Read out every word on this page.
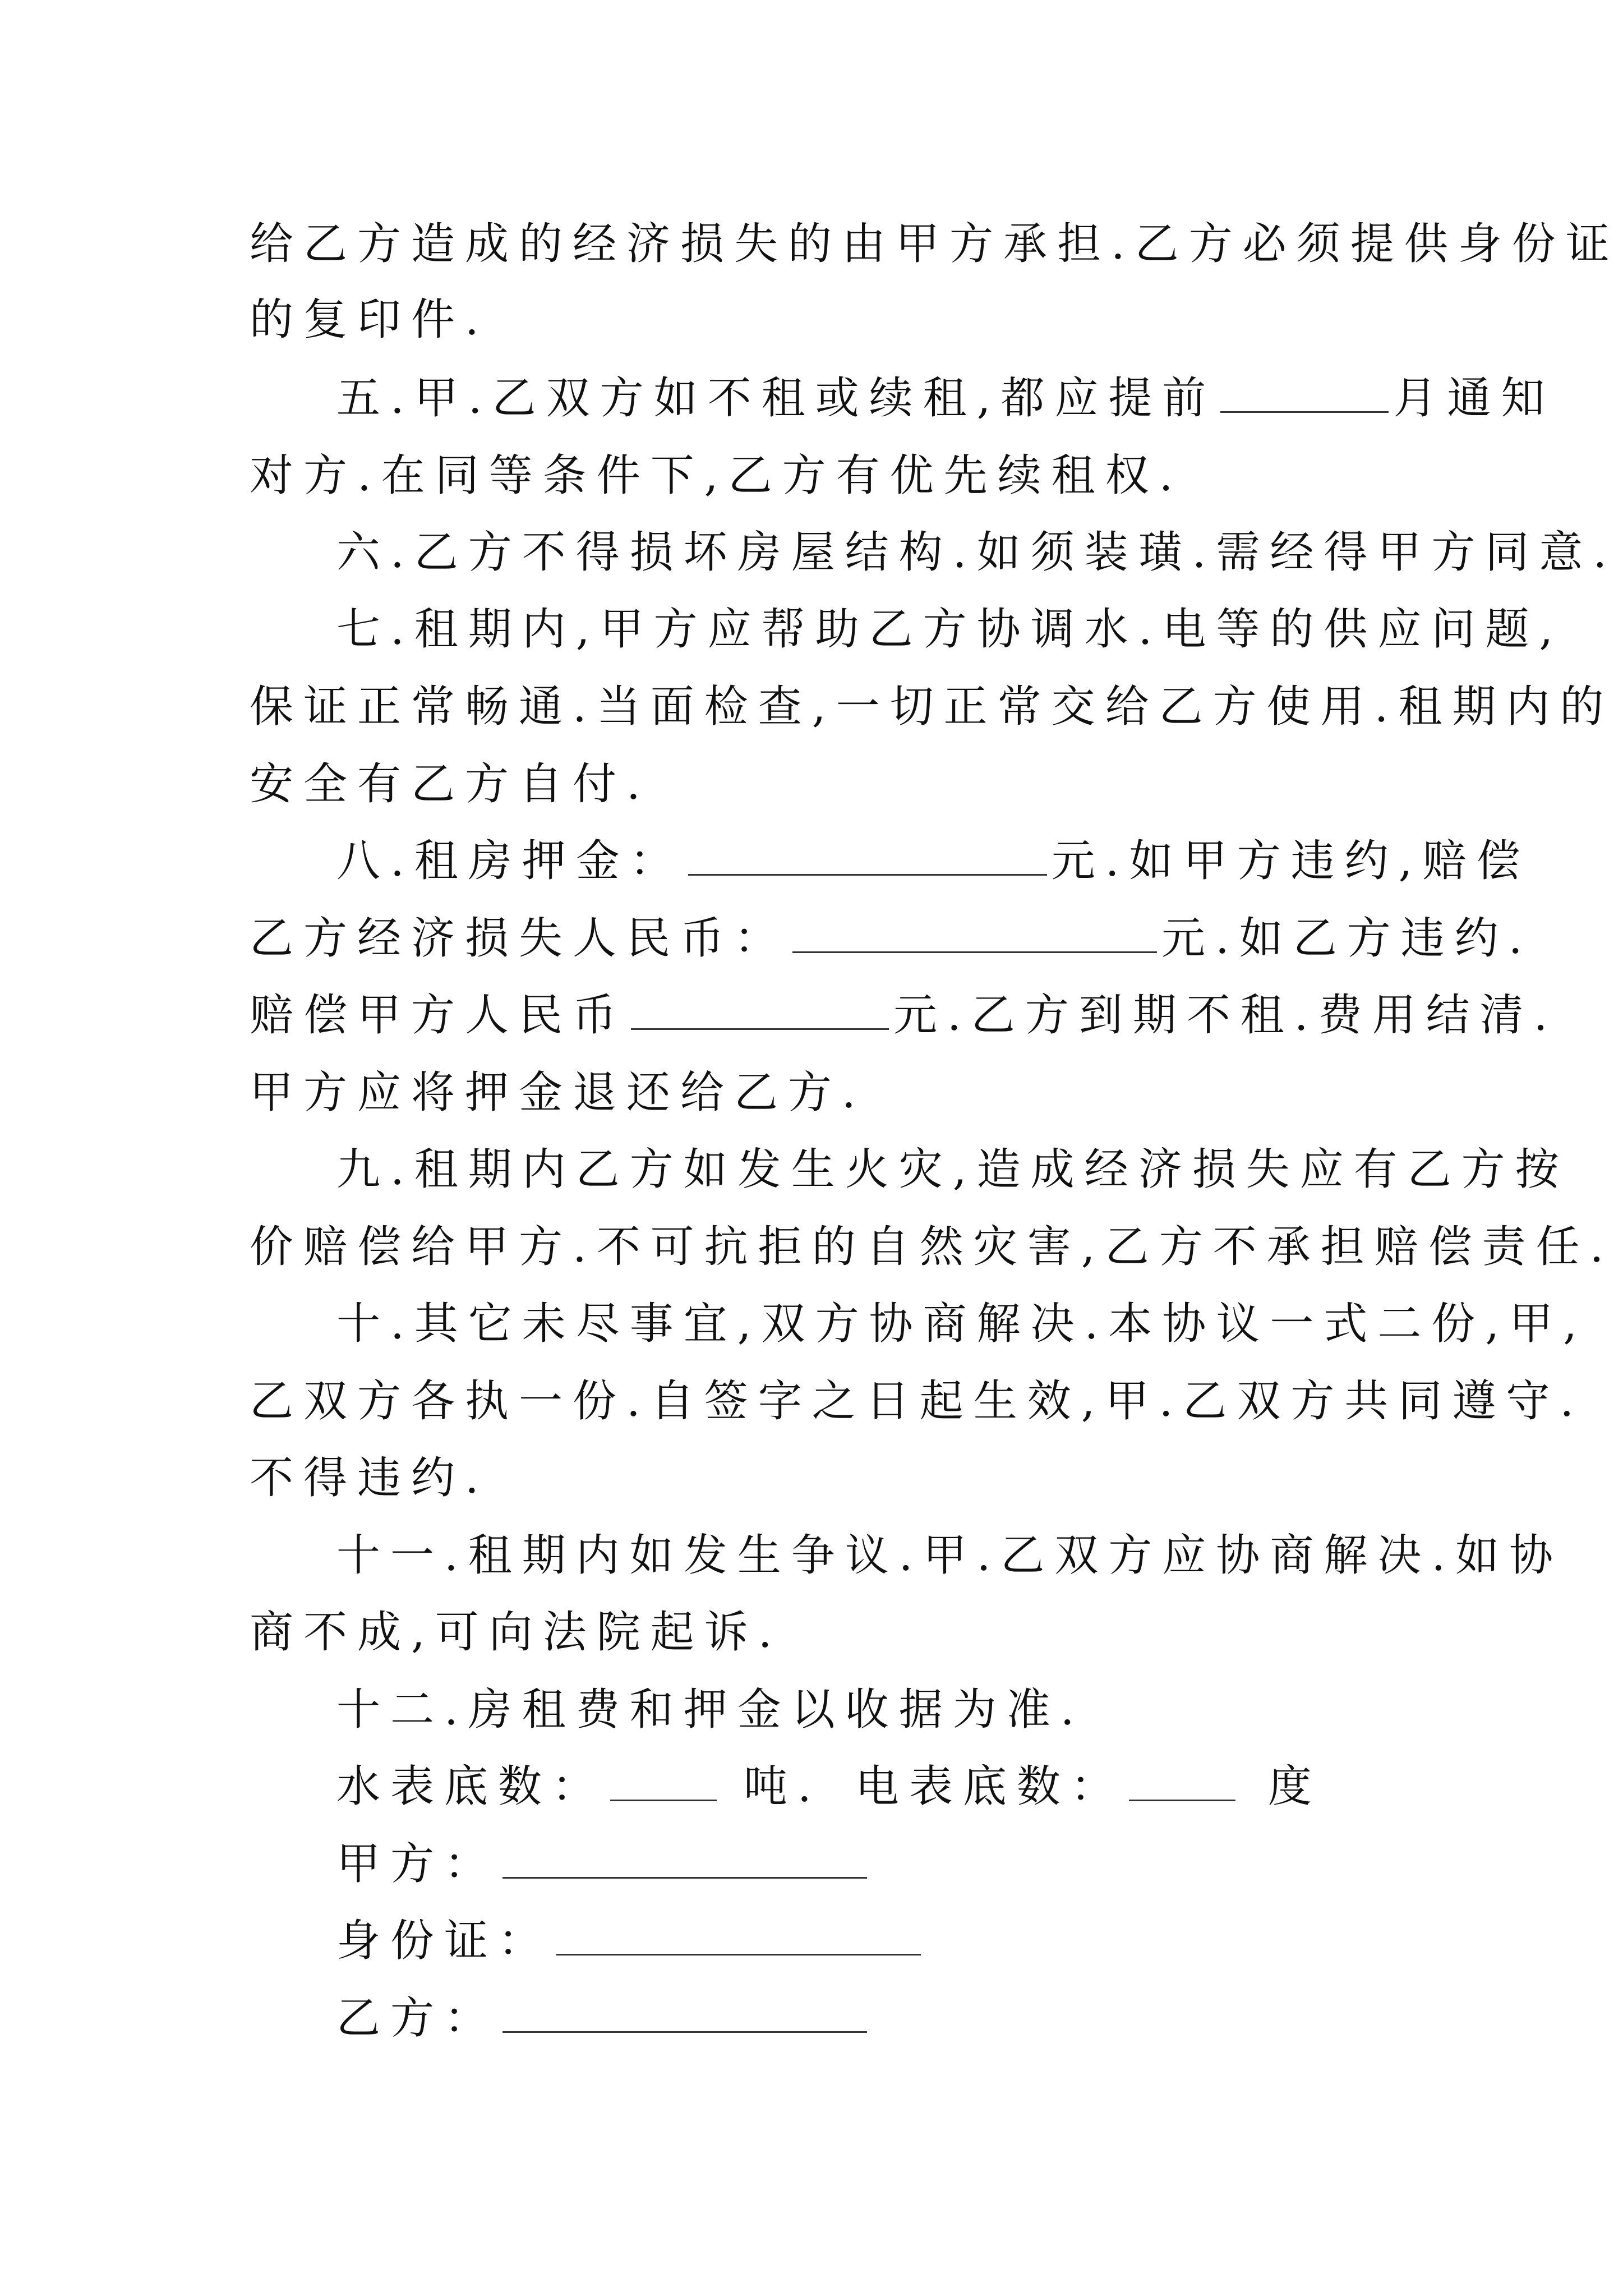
给乙方造成的经济损失的由甲方承担.乙方必须提供身份证
的复印件.
五.甲.乙双方如不租或续租,都应提前	月通知
对方.在同等条件下,乙方有优先续租权.
六.乙方不得损坏房屋结构.如须装璜.需经得甲方同意.
七.租期内,甲方应帮助乙方协调水.电等的供应问题,
保证正常畅通.当面检查,一切正常交给乙方使用.租期内的
安全有乙方自付.
八.租房押金：	元.如甲方违约,赔偿
乙方经济损失人民币：	元.如乙方违约.
赔偿甲方人民币	元.乙方到期不租.费用结清.
甲方应将押金退还给乙方.
九.租期内乙方如发生火灾,造成经济损失应有乙方按
价赔偿给甲方.不可抗拒的自然灾害,乙方不承担赔偿责任.
十.其它未尽事宜,双方协商解决.本协议一式二份,甲,
乙双方各执一份.自签字之日起生效,甲.乙双方共同遵守.
不得违约.
十一.租期内如发生争议.甲.乙双方应协商解决.如协
商不成,可向法院起诉.
十二.房租费和押金以收据为准.
水表底数：	吨. 电表底数：	度
甲方：
身份证：
乙方：
